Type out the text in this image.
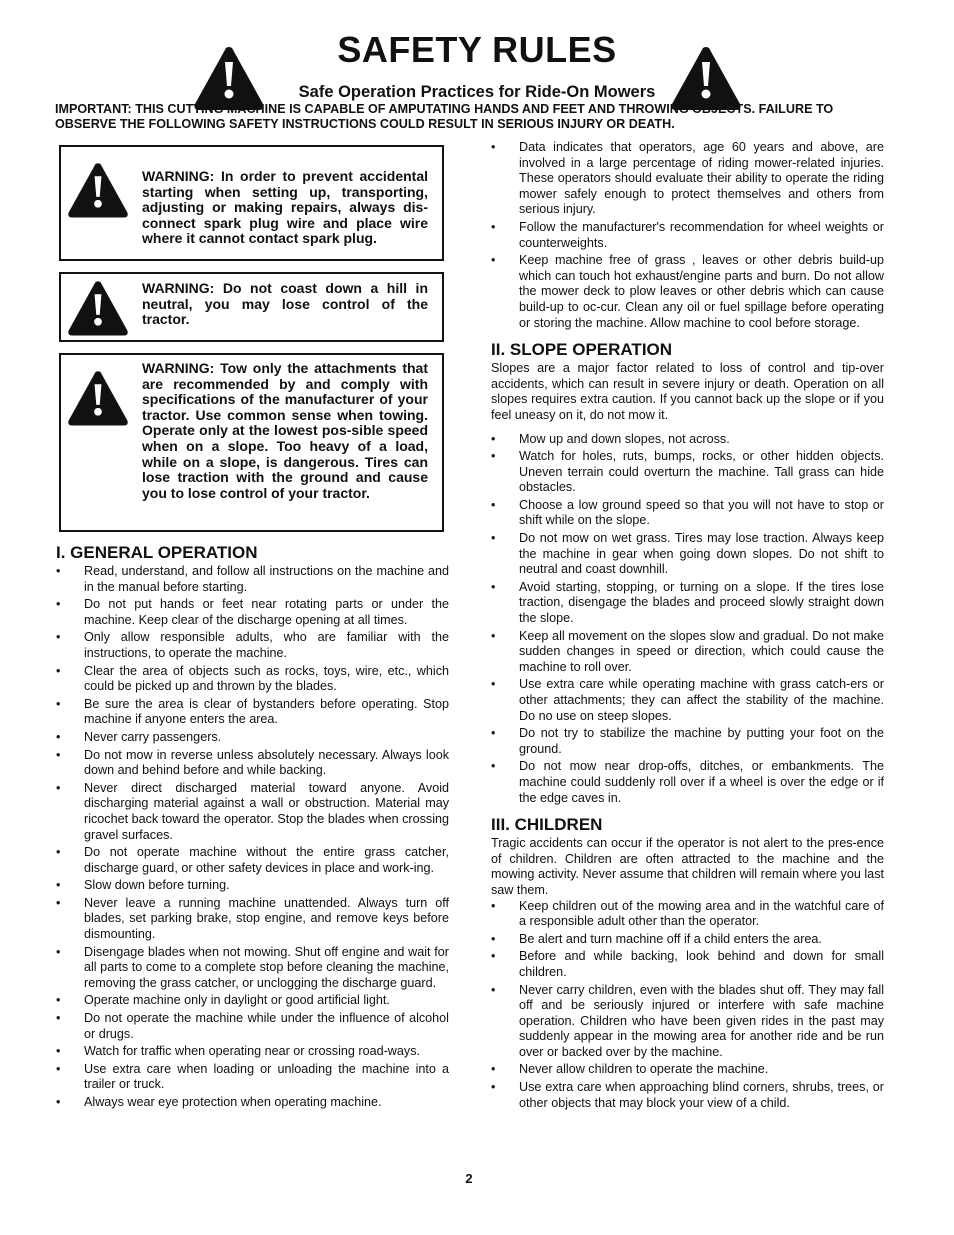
SAFETY RULES
Safe Operation Practices for Ride-On Mowers
IMPORTANT: THIS CUTTING MACHINE IS CAPABLE OF AMPUTATING HANDS AND FEET AND THROWING OBJECTS. FAILURE TO OBSERVE THE FOLLOWING SAFETY INSTRUCTIONS COULD RESULT IN SERIOUS INJURY OR DEATH.
WARNING: In order to prevent accidental starting when setting up, transporting, adjusting or making repairs, always dis-connect spark plug wire and place wire where it cannot contact spark plug.
WARNING: Do not coast down a hill in neutral, you may lose control of the tractor.
WARNING: Tow only the attachments that are recommended by and comply with specifications of the manufacturer of your tractor. Use common sense when towing. Operate only at the lowest pos-sible speed when on a slope. Too heavy of a load, while on a slope, is dangerous. Tires can lose traction with the ground and cause you to lose control of your tractor.
I. GENERAL OPERATION
• Read, understand, and follow all instructions on the machine and in the manual before starting.
• Do not put hands or feet near rotating parts or under the machine. Keep clear of the discharge opening at all times.
• Only allow responsible adults, who are familiar with the instructions, to operate the machine.
• Clear the area of objects such as rocks, toys, wire, etc., which could be picked up and thrown by the blades.
• Be sure the area is clear of bystanders before operating. Stop machine if anyone enters the area.
• Never carry passengers.
• Do not mow in reverse unless absolutely necessary. Always look down and behind before and while backing.
• Never direct discharged material toward anyone. Avoid discharging material against a wall or obstruction. Material may ricochet back toward the operator. Stop the blades when crossing gravel surfaces.
• Do not operate machine without the entire grass catcher, discharge guard, or other safety devices in place and work-ing.
• Slow down before turning.
• Never leave a running machine unattended. Always turn off blades, set parking brake, stop engine, and remove keys before dismounting.
• Disengage blades when not mowing. Shut off engine and wait for all parts to come to a complete stop before cleaning the machine, removing the grass catcher, or unclogging the discharge guard.
• Operate machine only in daylight or good artificial light.
• Do not operate the machine while under the influence of alcohol or drugs.
• Watch for traffic when operating near or crossing road-ways.
• Use extra care when loading or unloading the machine into a trailer or truck.
• Always wear eye protection when operating machine.
• Data indicates that operators, age 60 years and above, are involved in a large percentage of riding mower-related injuries. These operators should evaluate their ability to operate the riding mower safely enough to protect themselves and others from serious injury.
• Follow the manufacturer's recommendation for wheel weights or counterweights.
• Keep machine free of grass , leaves or other debris build-up which can touch hot exhaust/engine parts and burn. Do not allow the mower deck to plow leaves or other debris which can cause build-up to oc-cur. Clean any oil or fuel spillage before operating or storing the machine. Allow machine to cool before storage.
II. SLOPE OPERATION

Slopes are a major factor related to loss of control and tip-over accidents, which can result in severe injury or death. Operation on all slopes requires extra caution. If you cannot back up the slope or if you feel uneasy on it, do not mow it.

• Mow up and down slopes, not across.
• Watch for holes, ruts, bumps, rocks, or other hidden objects. Uneven terrain could overturn the machine. Tall grass can hide obstacles.
• Choose a low ground speed so that you will not have to stop or shift while on the slope.
• Do not mow on wet grass. Tires may lose traction. Always keep the machine in gear when going down slopes. Do not shift to neutral and coast downhill.
• Avoid starting, stopping, or turning on a slope. If the tires lose traction, disengage the blades and proceed slowly straight down the slope.
• Keep all movement on the slopes slow and gradual. Do not make sudden changes in speed or direction, which could cause the machine to roll over.
• Use extra care while operating machine with grass catch-ers or other attachments; they can affect the stability of the machine. Do no use on steep slopes.
• Do not try to stabilize the machine by putting your foot on the ground.
• Do not mow near drop-offs, ditches, or embankments. The machine could suddenly roll over if a wheel is over the edge or if the edge caves in.
III. CHILDREN

Tragic accidents can occur if the operator is not alert to the pres-ence of children. Children are often attracted to the machine and the mowing activity. Never assume that children will remain where you last saw them.

• Keep children out of the mowing area and in the watchful care of a responsible adult other than the operator.
• Be alert and turn machine off if a child enters the area.
• Before and while backing, look behind and down for small children.
• Never carry children, even with the blades shut off. They may fall off and be seriously injured or interfere with safe machine operation. Children who have been given rides in the past may suddenly appear in the mowing area for another ride and be run over or backed over by the machine.
• Never allow children to operate the machine.
• Use extra care when approaching blind corners, shrubs, trees, or other objects that may block your view of a child.
2
